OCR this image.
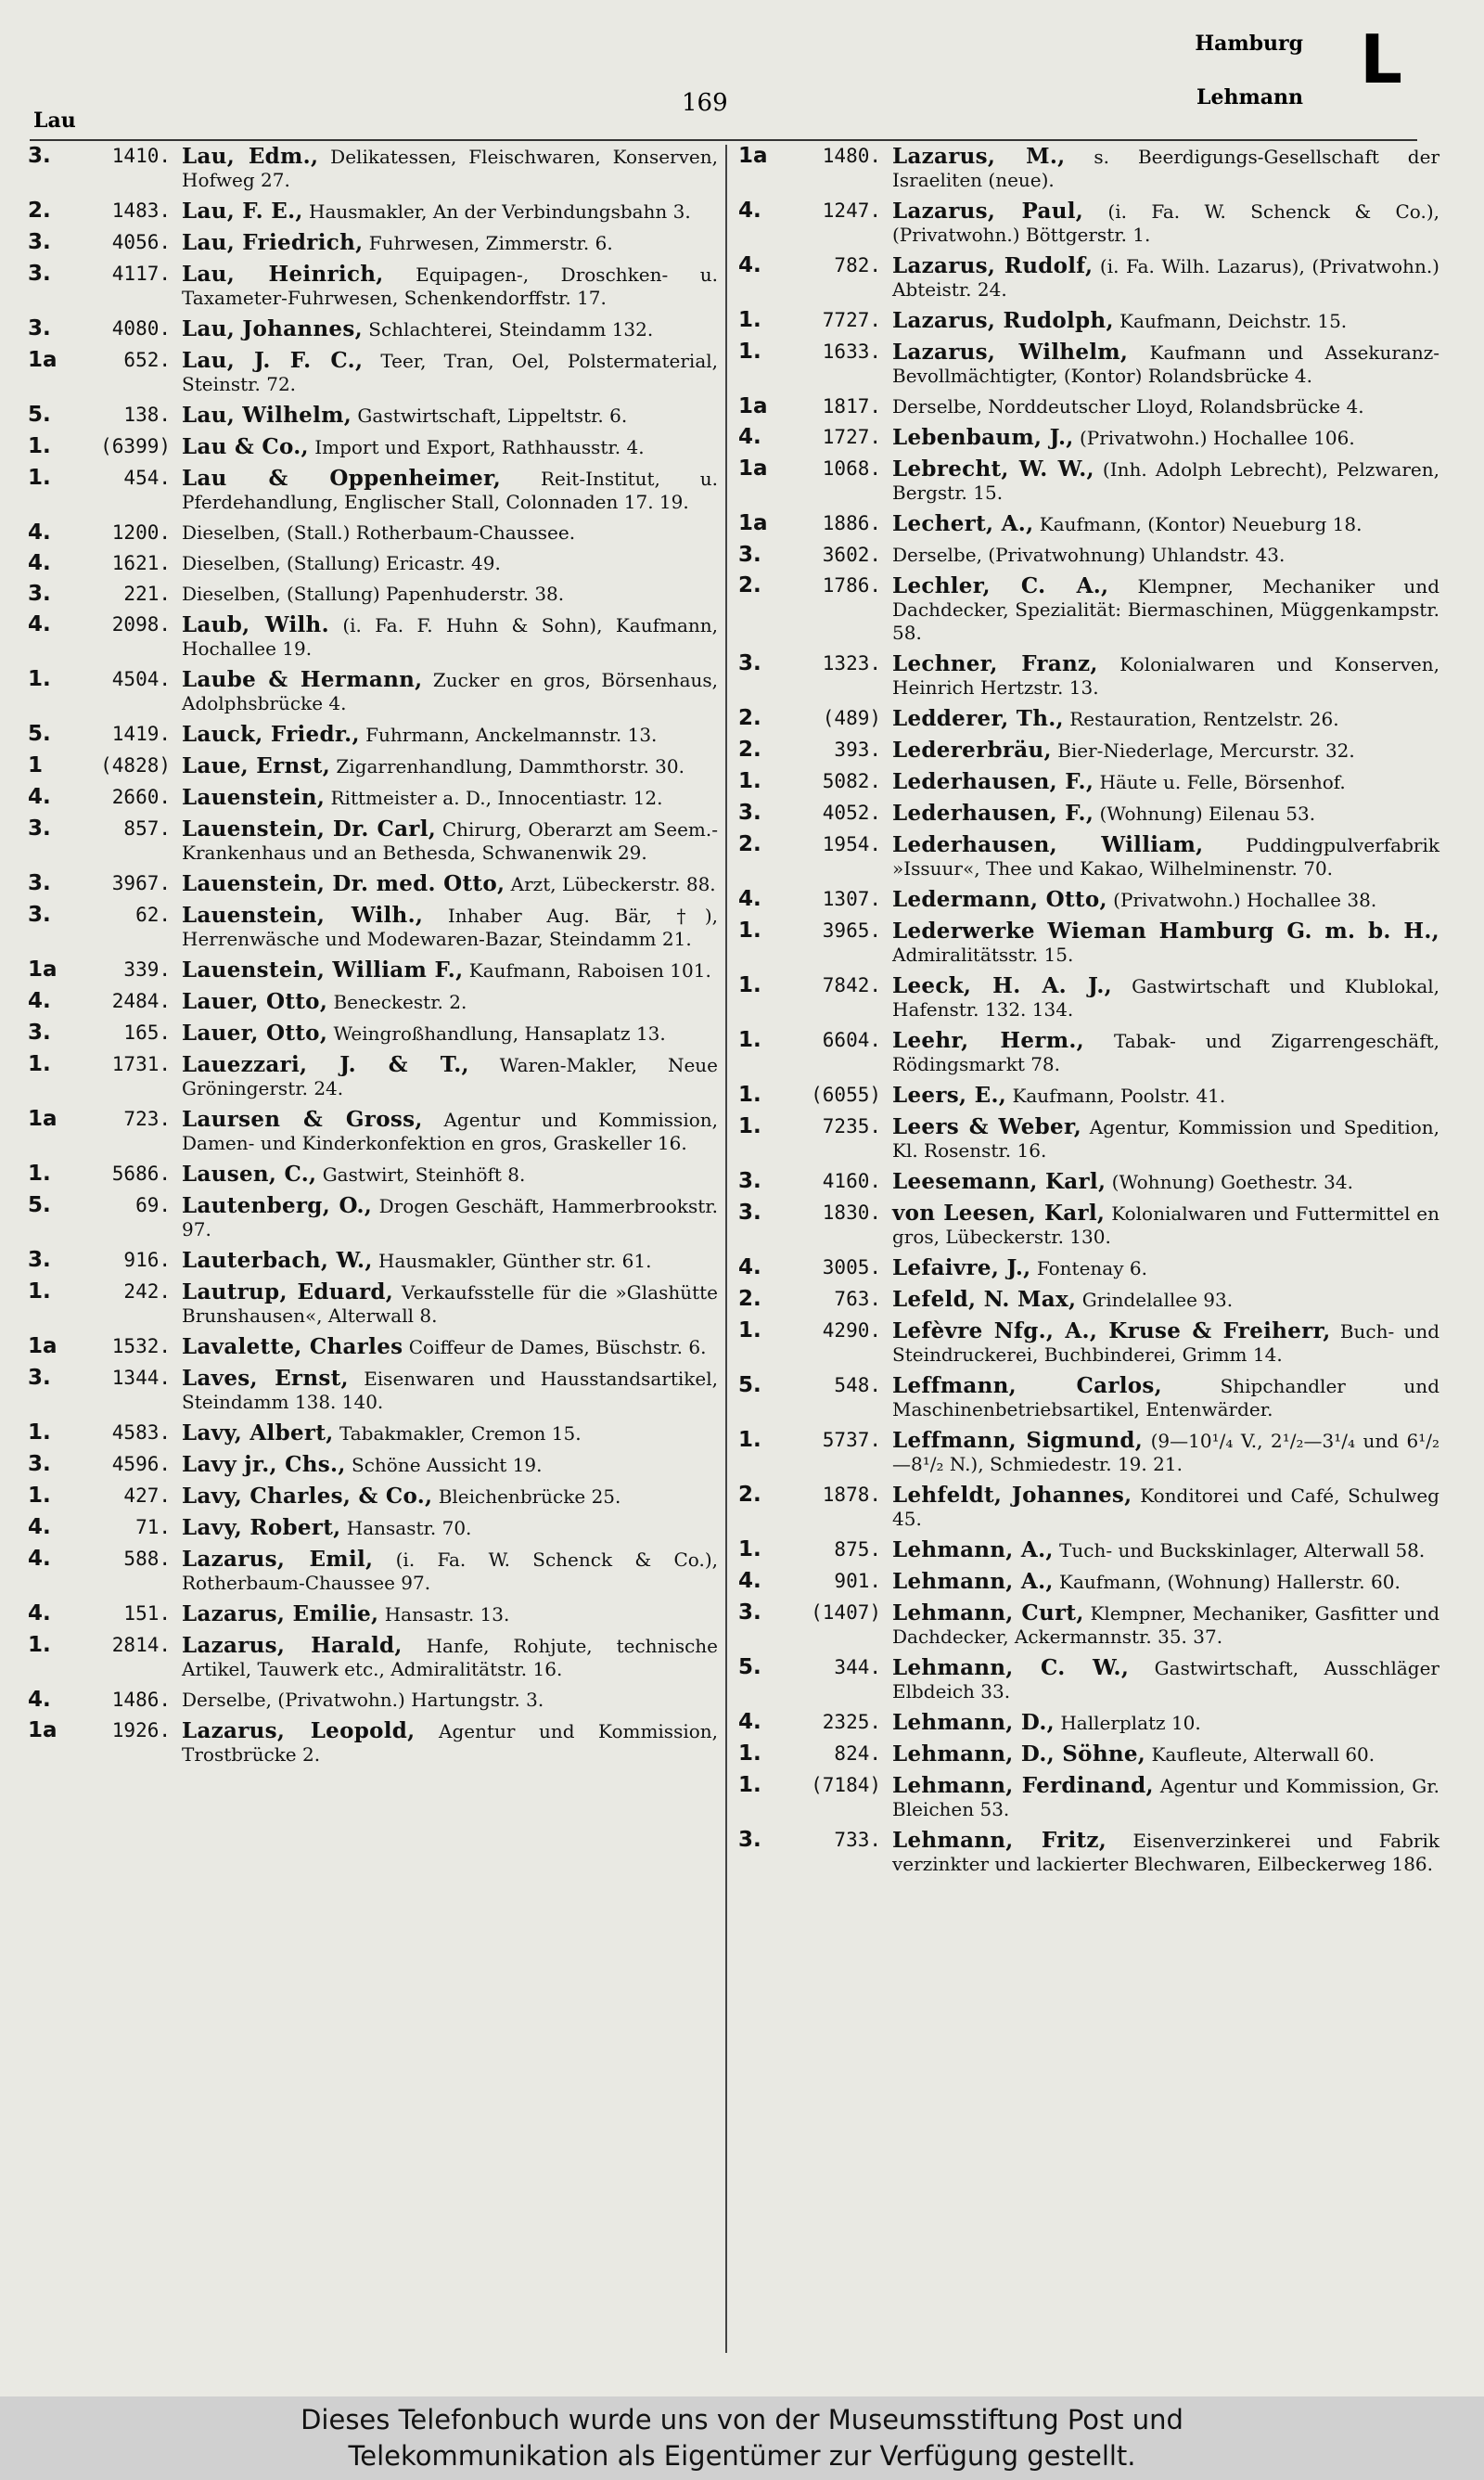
Lau
169
Hamburg
Lehmann L
3.	1410. Lau, Edm., Delikatessen, Fleischwaren, Konserven, Hofweg 27.
2.	1483. Lau, F. E., Hausmakler, An der Verbindungsbahn 3.
3.	4056. Lau, Friedrich, Fuhrwesen, Zimmerstr. 6.
3.	4117. Lau, Heinrich, Equipagen-, Droschken- u. Taxameter-Fuhrwesen, Schenkendorffstr. 17.
3.	4080. Lau, Johannes, Schlachterei, Steindamm 132.
1a	652. Lau, J. F. C., Teer, Tran, Oel, Polstermaterial, Steinstr. 72.
5.	138. Lau, Wilhelm, Gastwirtschaft, Lippeltstr. 6.
1.	(6399) Lau & Co., Import und Export, Rathhausstr. 4.
1.	454. Lau & Oppenheimer, Reit-Institut, u. Pferdehandlung, Englischer Stall, Colonnaden 17. 19.
4.	1200. Dieselben, (Stall.) Rotherbaum-Chaussee.
4.	1621. Dieselben, (Stallung) Ericastr. 49.
3.	221. Dieselben, (Stallung) Papenhuderstr. 38.
4.	2098. Laub, Wilh. (i. Fa. F. Huhn & Sohn), Kaufmann, Hochallee 19.
1.	4504. Laube & Hermann, Zucker en gros, Börsenhaus, Adolphsbrücke 4.
5.	1419. Lauck, Friedr., Fuhrmann, Anckelmannstr. 13.
1	(4828) Laue, Ernst, Zigarrenhandlung, Dammthorstr. 30.
4.	2660. Lauenstein, Rittmeister a. D., Innocentiastr. 12.
3.	857. Lauenstein, Dr. Carl, Chirurg, Oberarzt am Seem.-Krankenhaus und an Bethesda, Schwanenwik 29.
3.	3967. Lauenstein, Dr. med. Otto, Arzt, Lübeckerstr. 88.
3.	62. Lauenstein, Wilh., Inhaber Aug. Bär, †), Herrenwäsche und Modewaren-Bazar, Steindamm 21.
1a	339. Lauenstein, William F., Kaufmann, Raboisen 101.
4.	2484. Lauer, Otto, Beneckestr. 2.
3.	165. Lauer, Otto, Weingroßhandlung, Hansaplatz 13.
1.	1731. Lauezzari, J. & T., Waren-Makler, Neue Gröningerstr. 24.
1a	723. Laursen & Gross, Agentur und Kommission, Damen- und Kinderkonfektion en gros, Graskeller 16.
1.	5686. Lausen, C., Gastwirt, Steinhöft 8.
5.	69. Lautenberg, O., Drogen Geschäft, Hammerbrookstr. 97.
3.	916. Lauterbach, W., Hausmakler, Günther str. 61.
1.	242. Lautrup, Eduard, Verkaufsstelle für die »Glashütte Brunshausen«, Alterwall 8.
1a	1532. Lavalette, Charles Coiffeur de Dames, Büschstr. 6.
3.	1344. Laves, Ernst, Eisenwaren und Hausstandsartikel, Steindamm 138. 140.
1.	4583. Lavy, Albert, Tabakmakler, Cremon 15.
3.	4596. Lavy jr., Chs., Schöne Aussicht 19.
1.	427. Lavy, Charles, & Co., Bleichenbrücke 25.
4.	71. Lavy, Robert, Hansastr. 70.
4.	588. Lazarus, Emil, (i. Fa. W. Schenck & Co.), Rotherbaum-Chaussee 97.
4.	151. Lazarus, Emilie, Hansastr. 13.
1.	2814. Lazarus, Harald, Hanfe, Rohjute, technische Artikel, Tauwerk etc., Admiralitätstr. 16.
4.	1486. Derselbe, (Privatwohn.) Hartungstr. 3.
1a	1926. Lazarus, Leopold, Agentur und Kommission, Trostbrücke 2.
1a	1480. Lazarus, M., s. Beerdigungs-Gesellschaft der Israeliten (neue).
4.	1247. Lazarus, Paul, (i. Fa. W. Schenck & Co.), (Privatwohn.) Böttgerstr. 1.
4.	782. Lazarus, Rudolf, (i. Fa. Wilh. Lazarus), (Privatwohn.) Abteistr. 24.
1.	7727. Lazarus, Rudolph, Kaufmann, Deichstr. 15.
1.	1633. Lazarus, Wilhelm, Kaufmann und Assekuranz-Bevollmächtigter, (Kontor) Rolandsbrücke 4.
1a	1817. Derselbe, Norddeutscher Lloyd, Rolandsbrücke 4.
4.	1727. Lebenbaum, J., (Privatwohn.) Hochallee 106.
1a	1068. Lebrecht, W. W., (Inh. Adolph Lebrecht), Pelzwaren, Bergstr. 15.
1a	1886. Lechert, A., Kaufmann, (Kontor) Neueburg 18.
3.	3602. Derselbe, (Privatwohnung) Uhlandstr. 43.
2.	1786. Lechler, C. A., Klempner, Mechaniker und Dachdecker, Spezialität: Biermaschinen, Müggenkampstr. 58.
3.	1323. Lechner, Franz, Kolonialwaren und Konserven, Heinrich Hertzstr. 13.
2.	(489) Ledderer, Th., Restauration, Rentzelstr. 26.
2.	393. Ledererbräu, Bier-Niederlage, Mercurstr. 32.
1.	5082. Lederhausen, F., Häute u. Felle, Börsenhof.
3.	4052. Lederhausen, F., (Wohnung) Eilenau 53.
2.	1954. Lederhausen, William, Puddingpulverfabrik »Issuur«, Thee und Kakao, Wilhelminenstr. 70.
4.	1307. Ledermann, Otto, (Privatwohn.) Hochallee 38.
1.	3965. Lederwerke Wieman Hamburg G. m. b. H., Admiralitätsstr. 15.
1.	7842. Leeck, H. A. J., Gastwirtschaft und Klublokal, Hafenstr. 132. 134.
1.	6604. Leehr, Herm., Tabak- und Zigarrengeschäft, Rödingsmarkt 78.
1.	(6055) Leers, E., Kaufmann, Poolstr. 41.
1.	7235. Leers & Weber, Agentur, Kommission und Spedition, Kl. Rosenstr. 16.
3.	4160. Leesemann, Karl, (Wohnung) Goethestr. 34.
3.	1830. von Leesen, Karl, Kolonialwaren und Futtermittel en gros, Lübeckerstr. 130.
4.	3005. Lefaivre, J., Fontenay 6.
2.	763. Lefeld, N. Max, Grindelallee 93.
1.	4290. Lefèvre Nfg., A., Kruse & Freiherr, Buch- und Steindruckerei, Buchbinderei, Grimm 14.
5.	548. Leffmann, Carlos,	Shipchandler und Maschinenbetriebsartikel, Entenwärder.
1.	5737. Leffmann, Sigmund, (9—10¹/₄ V., 2¹/₂—3¹/₄ und 6¹/₂—8¹/₂ N.), Schmiedestr. 19. 21.
2.	1878. Lehfeldt, Johannes, Konditorei und Café, Schulweg 45.
1.	875. Lehmann, A., Tuch- und Buckskinlager, Alterwall 58.
4.	901. Lehmann, A., Kaufmann, (Wohnung) Hallerstr. 60.
3.	(1407) Lehmann, Curt, Klempner, Mechaniker, Gasfitter und Dachdecker, Ackermannstr. 35. 37.
5.	344. Lehmann, C. W., Gastwirtschaft, Ausschläger Elbdeich 33.
4.	2325. Lehmann, D., Hallerplatz 10.
1.	824. Lehmann, D., Söhne, Kaufleute, Alterwall 60.
1.	(7184) Lehmann, Ferdinand, Agentur und Kommission, Gr. Bleichen 53.
3.	733. Lehmann, Fritz, Eisenverzinkerei und Fabrik verzinkter und lackierter Blechwaren, Eilbeckerweg 186.
Dieses Telefonbuch wurde uns von der Museumsstiftung Post und
Telekommunikation als Eigentümer zur Verfügung gestellt.
